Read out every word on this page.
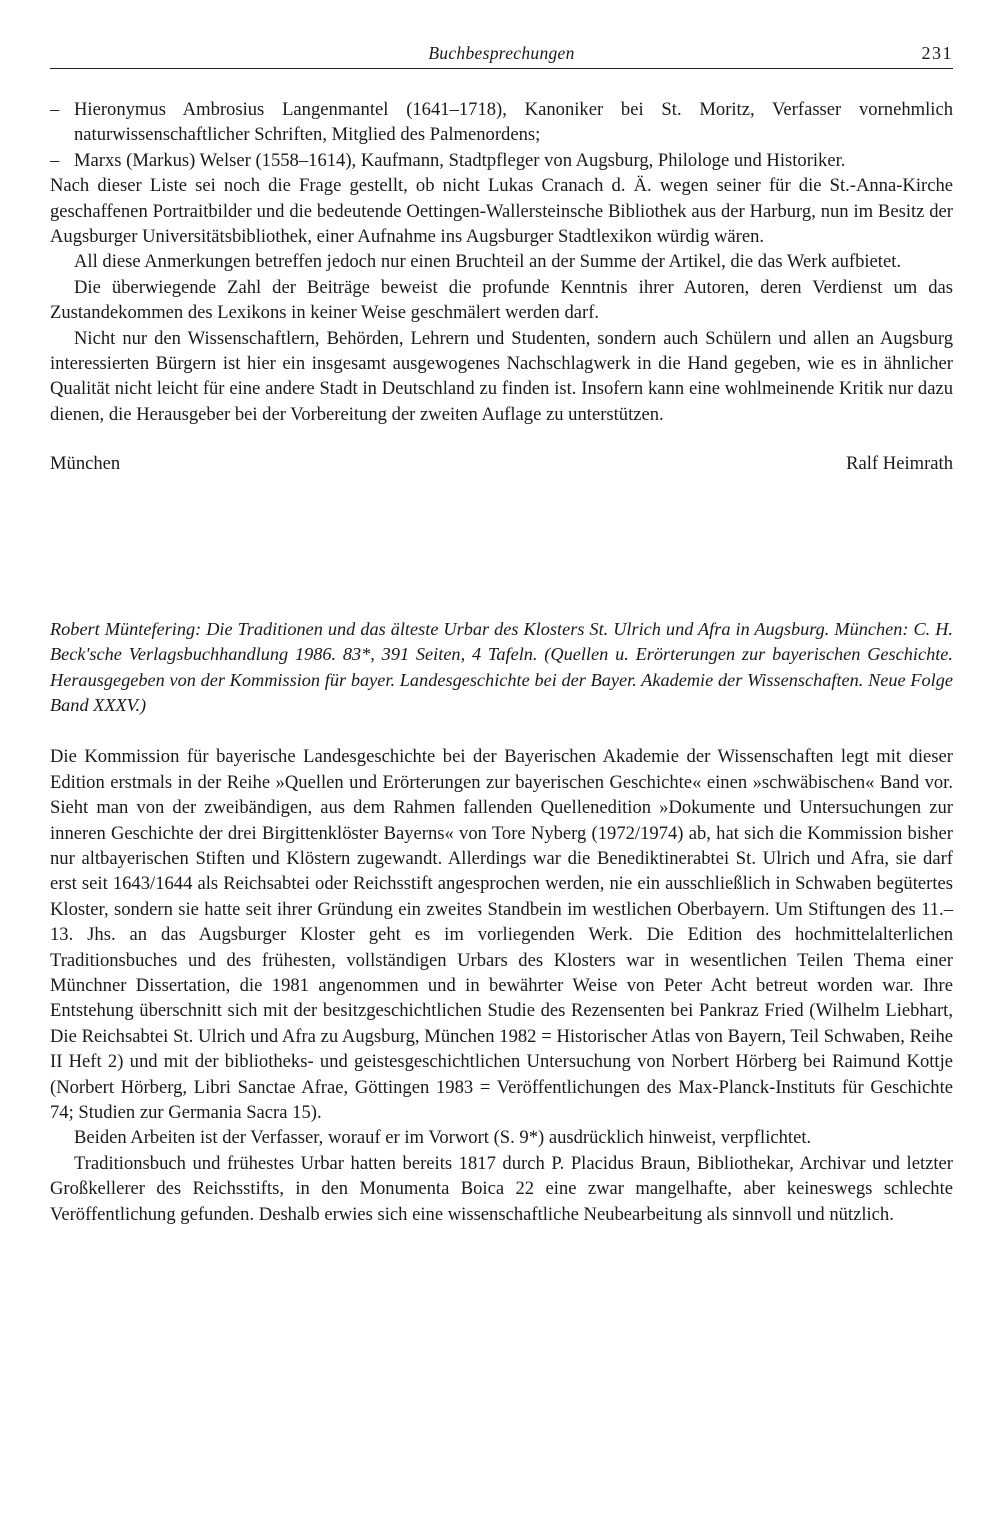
Buchbesprechungen	231
– Hieronymus Ambrosius Langenmantel (1641–1718), Kanoniker bei St. Moritz, Verfasser vornehmlich naturwissenschaftlicher Schriften, Mitglied des Palmenordens;
– Marxs (Markus) Welser (1558–1614), Kaufmann, Stadtpfleger von Augsburg, Philologe und Historiker.

Nach dieser Liste sei noch die Frage gestellt, ob nicht Lukas Cranach d. Ä. wegen seiner für die St.-Anna-Kirche geschaffenen Portraitbilder und die bedeutende Oettingen-Wallersteinsche Bibliothek aus der Harburg, nun im Besitz der Augsburger Universitätsbibliothek, einer Aufnahme ins Augsburger Stadtlexikon würdig wären.

All diese Anmerkungen betreffen jedoch nur einen Bruchteil an der Summe der Artikel, die das Werk aufbietet.

Die überwiegende Zahl der Beiträge beweist die profunde Kenntnis ihrer Autoren, deren Verdienst um das Zustandekommen des Lexikons in keiner Weise geschmälert werden darf.

Nicht nur den Wissenschaftlern, Behörden, Lehrern und Studenten, sondern auch Schülern und allen an Augsburg interessierten Bürgern ist hier ein insgesamt ausgewogenes Nachschlagwerk in die Hand gegeben, wie es in ähnlicher Qualität nicht leicht für eine andere Stadt in Deutschland zu finden ist. Insofern kann eine wohlmeinende Kritik nur dazu dienen, die Herausgeber bei der Vorbereitung der zweiten Auflage zu unterstützen.

München	Ralf Heimrath

Robert Müntefering: Die Traditionen und das älteste Urbar des Klosters St. Ulrich und Afra in Augsburg. München: C. H. Beck'sche Verlagsbuchhandlung 1986. 83*, 391 Seiten, 4 Tafeln. (Quellen u. Erörterungen zur bayerischen Geschichte. Herausgegeben von der Kommission für bayer. Landesgeschichte bei der Bayer. Akademie der Wissenschaften. Neue Folge Band XXXV.)

Die Kommission für bayerische Landesgeschichte bei der Bayerischen Akademie der Wissenschaften legt mit dieser Edition erstmals in der Reihe »Quellen und Erörterungen zur bayerischen Geschichte« einen »schwäbischen« Band vor. Sieht man von der zweibändigen, aus dem Rahmen fallenden Quellenedition »Dokumente und Untersuchungen zur inneren Geschichte der drei Birgittenklöster Bayerns« von Tore Nyberg (1972/1974) ab, hat sich die Kommission bisher nur altbayerischen Stiften und Klöstern zugewandt. Allerdings war die Benediktinerabtei St. Ulrich und Afra, sie darf erst seit 1643/1644 als Reichsabtei oder Reichsstift angesprochen werden, nie ein ausschließlich in Schwaben begütertes Kloster, sondern sie hatte seit ihrer Gründung ein zweites Standbein im westlichen Oberbayern. Um Stiftungen des 11.–13. Jhs. an das Augsburger Kloster geht es im vorliegenden Werk. Die Edition des hochmittelalterlichen Traditionsbuches und des frühesten, vollständigen Urbars des Klosters war in wesentlichen Teilen Thema einer Münchner Dissertation, die 1981 angenommen und in bewährter Weise von Peter Acht betreut worden war. Ihre Entstehung überschnitt sich mit der besitzgeschichtlichen Studie des Rezensenten bei Pankraz Fried (Wilhelm Liebhart, Die Reichsabtei St. Ulrich und Afra zu Augsburg, München 1982 = Historischer Atlas von Bayern, Teil Schwaben, Reihe II Heft 2) und mit der bibliotheks- und geistesgeschichtlichen Untersuchung von Norbert Hörberg bei Raimund Kottje (Norbert Hörberg, Libri Sanctae Afrae, Göttingen 1983 = Veröffentlichungen des Max-Planck-Instituts für Geschichte 74; Studien zur Germania Sacra 15).

Beiden Arbeiten ist der Verfasser, worauf er im Vorwort (S. 9*) ausdrücklich hinweist, verpflichtet.

Traditionsbuch und frühestes Urbar hatten bereits 1817 durch P. Placidus Braun, Bibliothekar, Archivar und letzter Großkellerer des Reichsstifts, in den Monumenta Boica 22 eine zwar mangelhafte, aber keineswegs schlechte Veröffentlichung gefunden. Deshalb erwies sich eine wissenschaftliche Neubearbeitung als sinnvoll und nützlich.
